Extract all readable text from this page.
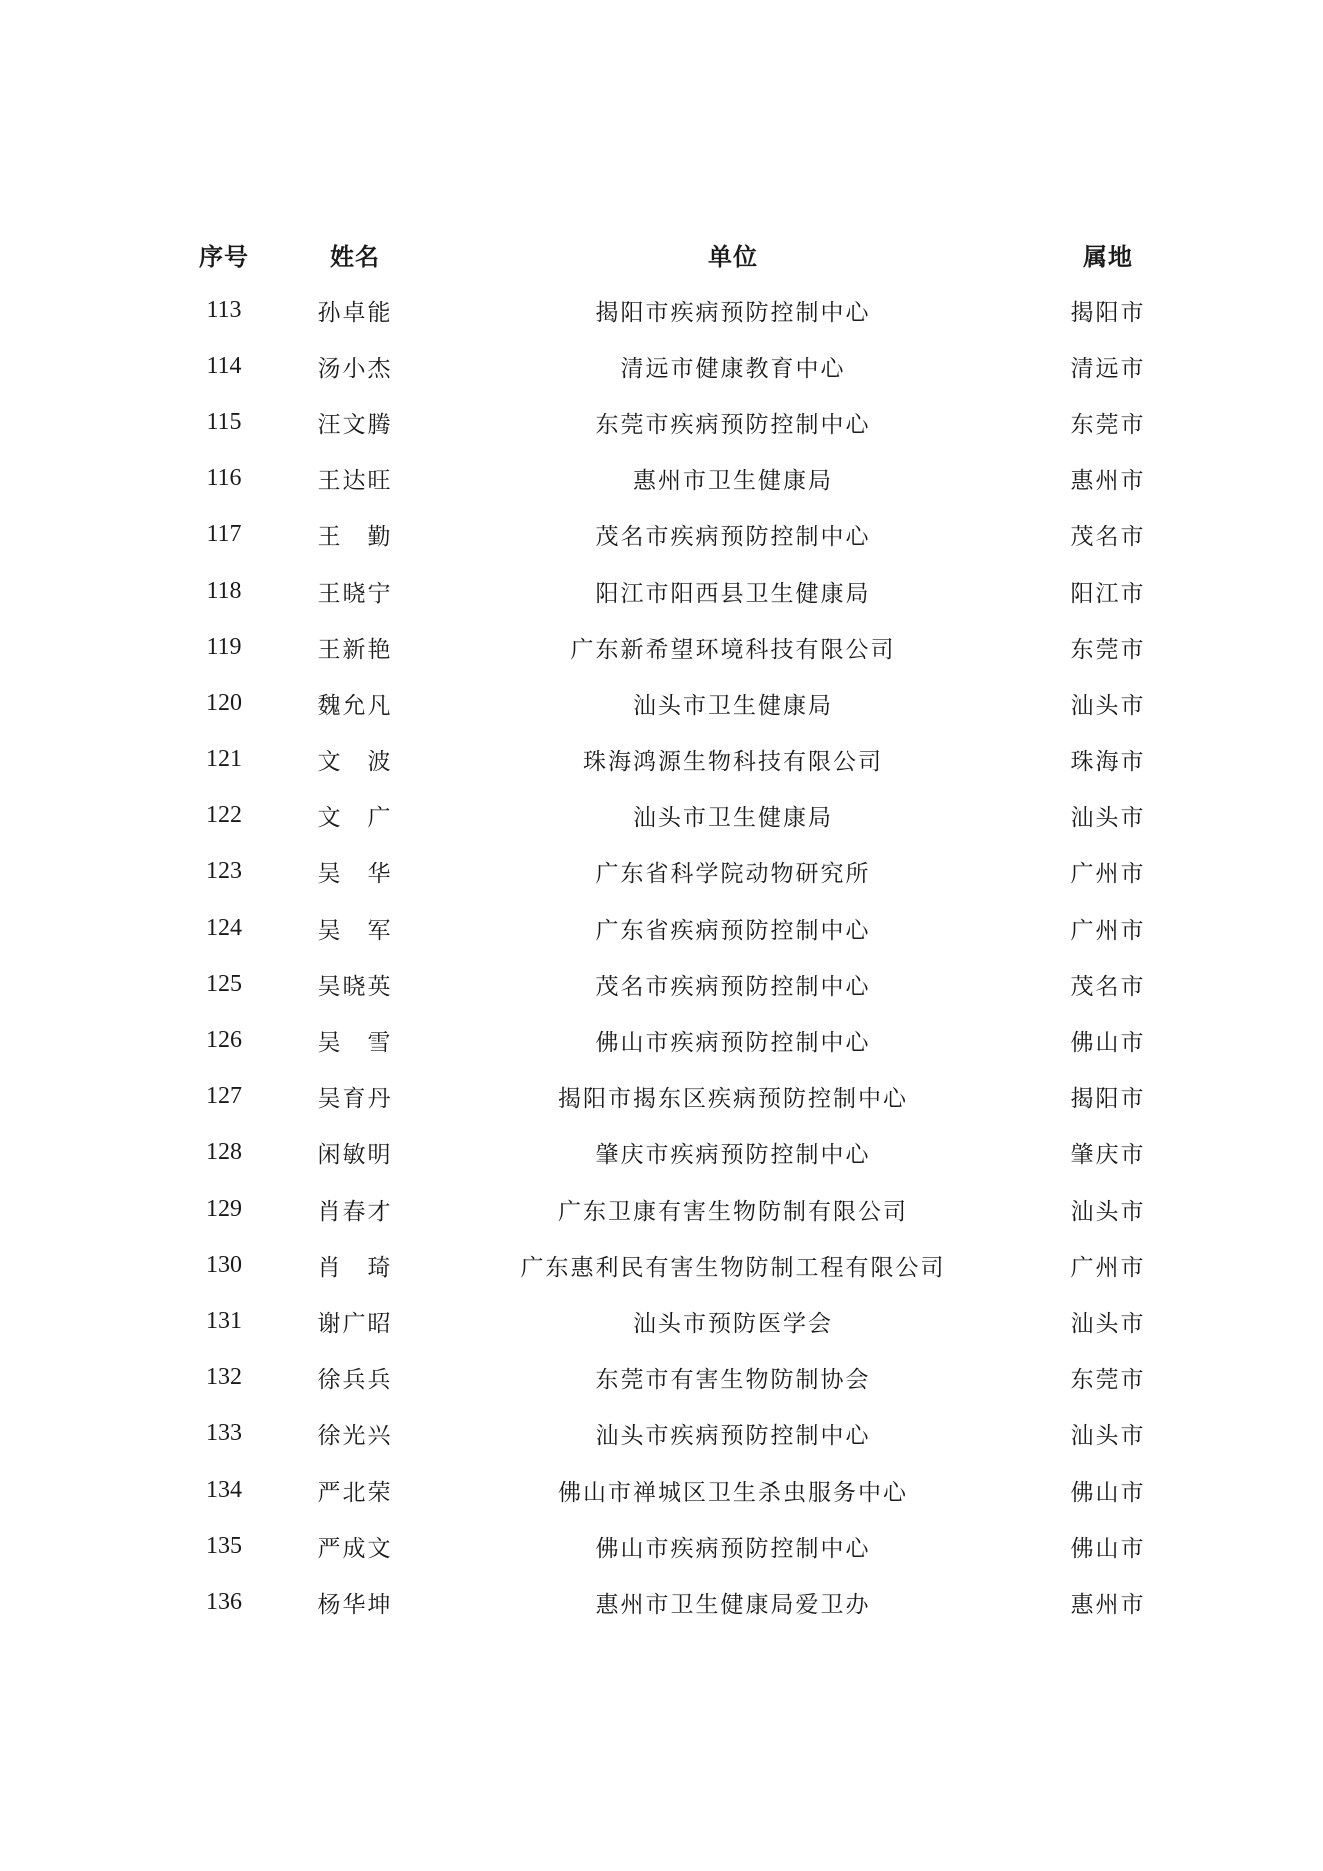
序号	姓名	单位	属地
113	孙卓能	揭阳市疾病预防控制中心	揭阳市
114	汤小杰	清远市健康教育中心	清远市
115	汪文腾	东莞市疾病预防控制中心	东莞市
116	王达旺	惠州市卫生健康局	惠州市
117	王　勤	茂名市疾病预防控制中心	茂名市
118	王晓宁	阳江市阳西县卫生健康局	阳江市
119	王新艳	广东新希望环境科技有限公司	东莞市
120	魏允凡	汕头市卫生健康局	汕头市
121	文　波	珠海鸿源生物科技有限公司	珠海市
122	文　广	汕头市卫生健康局	汕头市
123	吴　华	广东省科学院动物研究所	广州市
124	吴　军	广东省疾病预防控制中心	广州市
125	吴晓英	茂名市疾病预防控制中心	茂名市
126	吴　雪	佛山市疾病预防控制中心	佛山市
127	吴育丹	揭阳市揭东区疾病预防控制中心	揭阳市
128	闲敏明	肇庆市疾病预防控制中心	肇庆市
129	肖春才	广东卫康有害生物防制有限公司	汕头市
130	肖　琦	广东惠利民有害生物防制工程有限公司	广州市
131	谢广昭	汕头市预防医学会	汕头市
132	徐兵兵	东莞市有害生物防制协会	东莞市
133	徐光兴	汕头市疾病预防控制中心	汕头市
134	严北荣	佛山市禅城区卫生杀虫服务中心	佛山市
135	严成文	佛山市疾病预防控制中心	佛山市
136	杨华坤	惠州市卫生健康局爱卫办	惠州市
